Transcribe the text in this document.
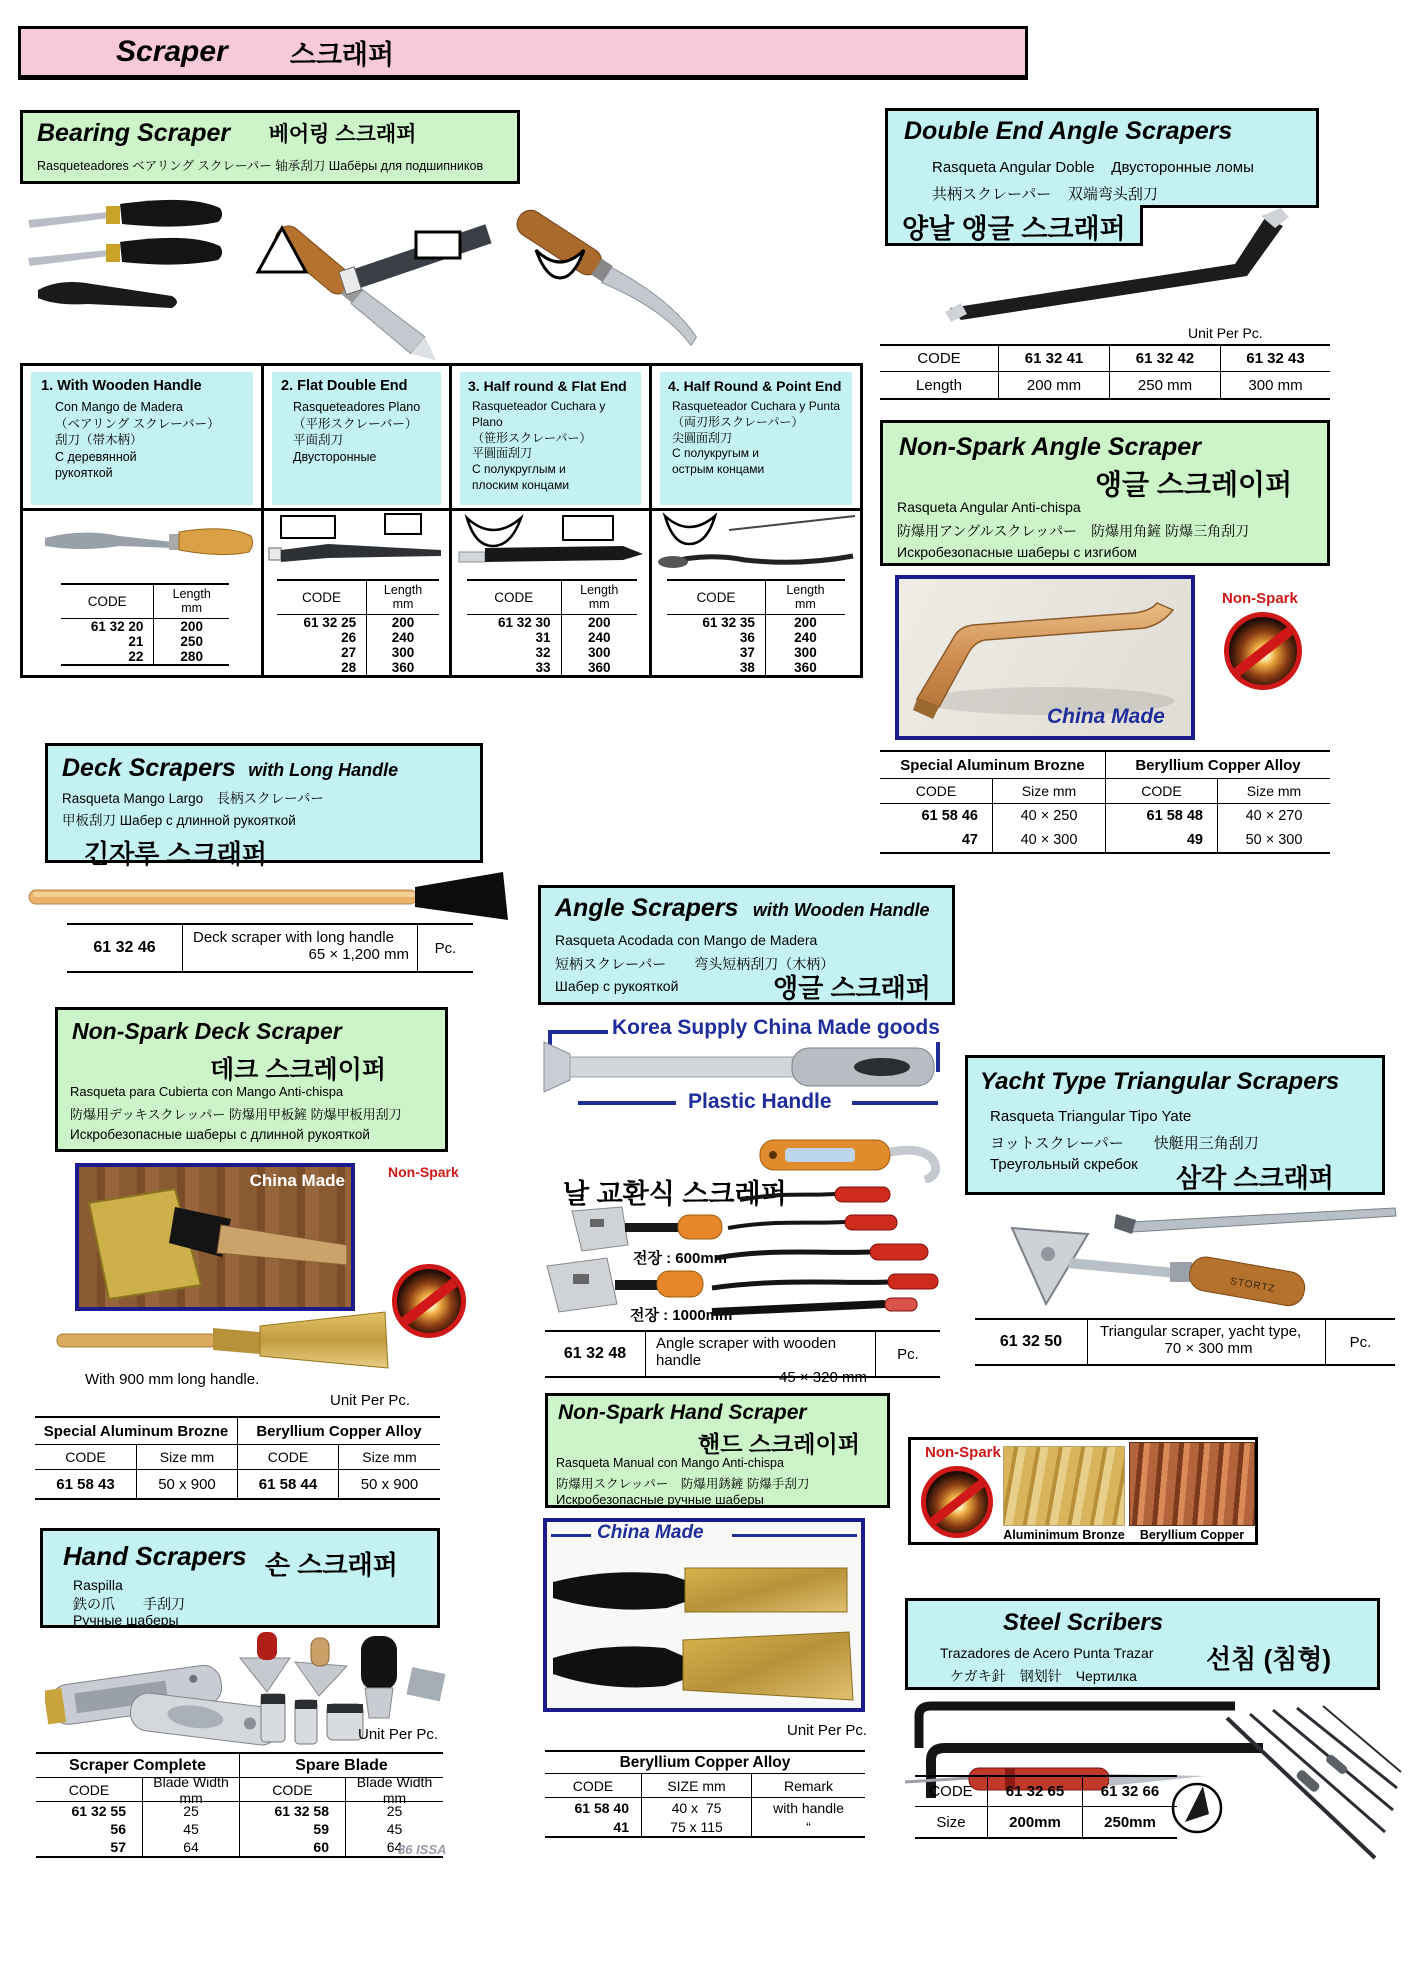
Scraper 스크래퍼
Bearing Scraper 베어링 스크래퍼
Rasqueteadores ベアリング スクレーパー 轴承刮刀 Шабёры для подшипников
1. With Wooden Handle
Con Mango de Madera
（ベアリング スクレーバー）
刮刀（帯木柄）
С деревянной
рукояткой
2. Flat Double End
Rasqueteadores Plano
（平形スクレーバー）
平面刮刀
Двусторонные
3. Half round & Flat End
Rasqueteador Cuchara y Plano
（笹形スクレーパー）
平圓面刮刀
С полукруглым и
плоским концами
4. Half Round & Point End
Rasqueteador Cuchara y Punta
（両刃形スクレーパー）
尖圓面刮刀
С полукругым и
острым концами
CODE	Length
mm
61 32 20	200
21	250
22	280
CODE	Length
mm
61 32 25	200
26	240
27	300
28	360
CODE	Length
mm
61 32 30	200
31	240
32	300
33	360
CODE	Length
mm
61 32 35	200
36	240
37	300
38	360
Double End Angle Scrapers
Rasqueta Angular Doble    Двусторонные ломы
共柄スクレーパー    双端弯头刮刀
양날 앵글 스크래퍼
Unit Per Pc.
CODE	61 32 41	61 32 42	61 32 43
Length	200 mm	250 mm	300 mm
Non-Spark Angle Scraper
앵글 스크레이퍼
Rasqueta Angular Anti-chispa
防爆用アングルスクレッパー　防爆用角鏟 防爆三角刮刀
Искробезопасные шаберы с изгибом
China Made
Non-Spark
Special Aluminum Brozne	Beryllium Copper Alloy
CODE	Size mm	CODE	Size mm
61 58 46	40 × 250	61 58 48	40 × 270
47	40 × 300	49	50 × 300
Deck Scrapers with Long Handle
Rasqueta Mango Largo　長柄スクレーパー
甲板刮刀 Шабер с длинной рукояткой
긴자루 스크래퍼
61 32 46
Deck scraper with long handle
65 × 1,200 mm	Pc.
Non-Spark Deck Scraper
데크 스크레이퍼
Rasqueta para Cubierta con Mango Anti-chispa
防爆用デッキスクレッパー 防爆用甲板鏟 防爆甲板用刮刀
Искробезопасные шаберы с длинной рукояткой
China Made	Non-Spark
With 900 mm long handle.
Unit Per Pc.
Special Aluminum Brozne	Beryllium Copper Alloy
CODE	Size mm	CODE	Size mm
61 58 43	50 x 900	61 58 44	50 x 900
Angle Scrapers with Wooden Handle
Rasqueta Acodada con Mango de Madera
短柄スクレーパー　　弯头短柄刮刀（木柄）
Шабер с рукояткой	앵글 스크래퍼
Korea Supply China Made goods
Plastic Handle
날 교환식 스크레퍼
전장 : 600mm
전장 : 1000mm
61 32 48
Angle scraper with wooden handle
45 × 320 mm
Pc.
Yacht Type Triangular Scrapers
Rasqueta Triangular Tipo Yate
ヨットスクレーパー　　快艇用三角刮刀
Треугольный скребок 삼각 스크래퍼
STORTZ
61 32 50
Triangular scraper, yacht type,
70 × 300 mm	Pc.
Non-Spark Hand Scraper
핸드 스크레이퍼
Rasqueta Manual con Mango Anti-chispa
防爆用スクレッパー　防爆用銹鏟 防爆手刮刀
Искробезопасные ручные шаберы
China Made
Unit Per Pc.
Beryllium Copper Alloy
CODE	SIZE mm	Remark
61 58 40	40 x  75	with handle
41	75 x 115	“
Hand Scrapers 손 스크래퍼
Raspilla
鉄の爪　　手刮刀
Ручные шаберы
Unit Per Pc.
Scraper Complete	Spare Blade
CODE	Blade Width mm	CODE	Blade Width mm
61 32 55	25	61 32 58	25
56	45	59	45
57	64	60	64
86 ISSA
Non-Spark
Aluminimum Bronze	Beryllium Copper
Steel Scribers
Trazadores de Acero Punta Trazar
ケガキ針　钢划针　Чертилка
선침 (침형)
CODE	61 32 65	61 32 66
Size	200mm	250mm
